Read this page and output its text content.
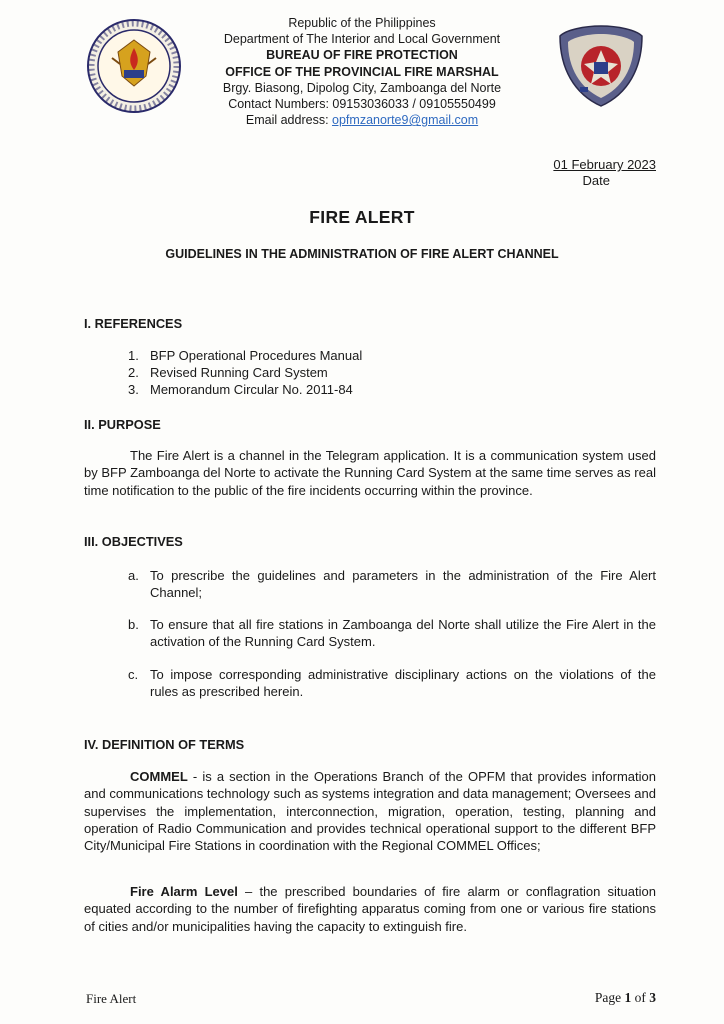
Republic of the Philippines
Department of The Interior and Local Government
BUREAU OF FIRE PROTECTION
OFFICE OF THE PROVINCIAL FIRE MARSHAL
Brgy. Biasong, Dipolog City, Zamboanga del Norte
Contact Numbers: 09153036033 / 09105550499
Email address: opfmzanorte9@gmail.com
01 February 2023
Date
FIRE ALERT
GUIDELINES IN THE ADMINISTRATION OF FIRE ALERT CHANNEL
I. REFERENCES
1. BFP Operational Procedures Manual
2. Revised Running Card System
3. Memorandum Circular No. 2011-84
II. PURPOSE
The Fire Alert is a channel in the Telegram application. It is a communication system used by BFP Zamboanga del Norte to activate the Running Card System at the same time serves as real time notification to the public of the fire incidents occurring within the province.
III. OBJECTIVES
a. To prescribe the guidelines and parameters in the administration of the Fire Alert Channel;
b. To ensure that all fire stations in Zamboanga del Norte shall utilize the Fire Alert in the activation of the Running Card System.
c. To impose corresponding administrative disciplinary actions on the violations of the rules as prescribed herein.
IV. DEFINITION OF TERMS
COMMEL - is a section in the Operations Branch of the OPFM that provides information and communications technology such as systems integration and data management; Oversees and supervises the implementation, interconnection, migration, operation, testing, planning and operation of Radio Communication and provides technical operational support to the different BFP City/Municipal Fire Stations in coordination with the Regional COMMEL Offices;
Fire Alarm Level – the prescribed boundaries of fire alarm or conflagration situation equated according to the number of firefighting apparatus coming from one or various fire stations of cities and/or municipalities having the capacity to extinguish fire.
Fire Alert	Page 1 of 3
